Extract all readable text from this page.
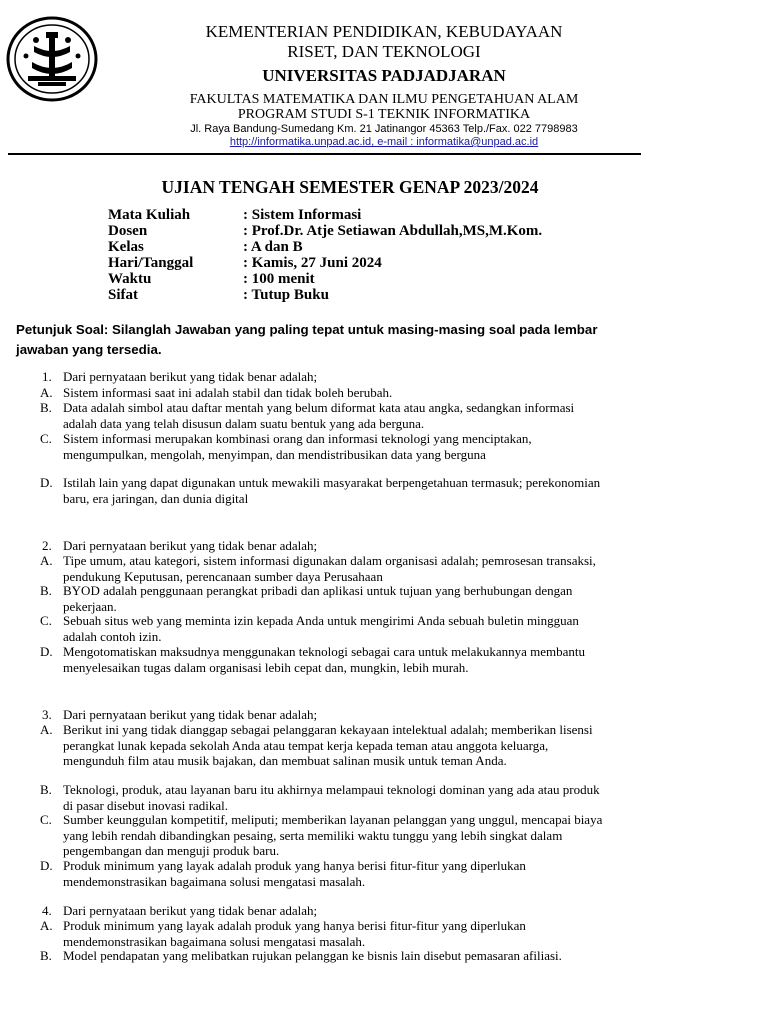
KEMENTERIAN PENDIDIKAN, KEBUDAYAAN
RISET, DAN TEKNOLOGI
UNIVERSITAS PADJADJARAN
FAKULTAS MATEMATIKA DAN ILMU PENGETAHUAN ALAM
PROGRAM STUDI S-1 TEKNIK INFORMATIKA
Jl. Raya Bandung-Sumedang Km. 21 Jatinangor 45363 Telp./Fax. 022 7798983
http://informatika.unpad.ac.id, e-mail : informatika@unpad.ac.id
UJIAN TENGAH SEMESTER GENAP 2023/2024
Mata Kuliah	: Sistem Informasi
Dosen	: Prof.Dr. Atje Setiawan Abdullah,MS,M.Kom.
Kelas	: A dan B
Hari/Tanggal	: Kamis, 27 Juni 2024
Waktu	: 100 menit
Sifat	: Tutup Buku
Petunjuk Soal: Silanglah Jawaban yang paling tepat untuk masing-masing soal pada lembar jawaban yang tersedia.
1. Dari pernyataan berikut yang tidak benar adalah;
A. Sistem informasi saat ini adalah stabil dan tidak boleh berubah.
B. Data adalah simbol atau daftar mentah yang belum diformat kata atau angka, sedangkan informasi adalah data yang telah disusun dalam suatu bentuk yang ada berguna.
C. Sistem informasi merupakan kombinasi orang dan informasi teknologi yang menciptakan, mengumpulkan, mengolah, menyimpan, dan mendistribusikan data yang berguna
D. Istilah lain yang dapat digunakan untuk mewakili masyarakat berpengetahuan termasuk; perekonomian baru, era jaringan, dan dunia digital
2. Dari pernyataan berikut yang tidak benar adalah;
A. Tipe umum, atau kategori, sistem informasi digunakan dalam organisasi adalah; pemrosesan transaksi, pendukung Keputusan, perencanaan sumber daya Perusahaan
B. BYOD adalah penggunaan perangkat pribadi dan aplikasi untuk tujuan yang berhubungan dengan pekerjaan.
C. Sebuah situs web yang meminta izin kepada Anda untuk mengirimi Anda sebuah buletin mingguan adalah contoh izin.
D. Mengotomatiskan maksudnya menggunakan teknologi sebagai cara untuk melakukannya membantu menyelesaikan tugas dalam organisasi lebih cepat dan, mungkin, lebih murah.
3. Dari pernyataan berikut yang tidak benar adalah;
A. Berikut ini yang tidak dianggap sebagai pelanggaran kekayaan intelektual adalah; memberikan lisensi perangkat lunak kepada sekolah Anda atau tempat kerja kepada teman atau anggota keluarga, mengunduh film atau musik bajakan, dan membuat salinan musik untuk teman Anda.
B. Teknologi, produk, atau layanan baru itu akhirnya melampaui teknologi dominan yang ada atau produk di pasar disebut inovasi radikal.
C. Sumber keunggulan kompetitif, meliputi; memberikan layanan pelanggan yang unggul, mencapai biaya yang lebih rendah dibandingkan pesaing, serta memiliki waktu tunggu yang lebih singkat dalam pengembangan dan menguji produk baru.
D. Produk minimum yang layak adalah produk yang hanya berisi fitur-fitur yang diperlukan mendemonstrasikan bagaimana solusi mengatasi masalah.
4. Dari pernyataan berikut yang tidak benar adalah;
A. Produk minimum yang layak adalah produk yang hanya berisi fitur-fitur yang diperlukan mendemonstrasikan bagaimana solusi mengatasi masalah.
B. Model pendapatan yang melibatkan rujukan pelanggan ke bisnis lain disebut pemasaran afiliasi.
